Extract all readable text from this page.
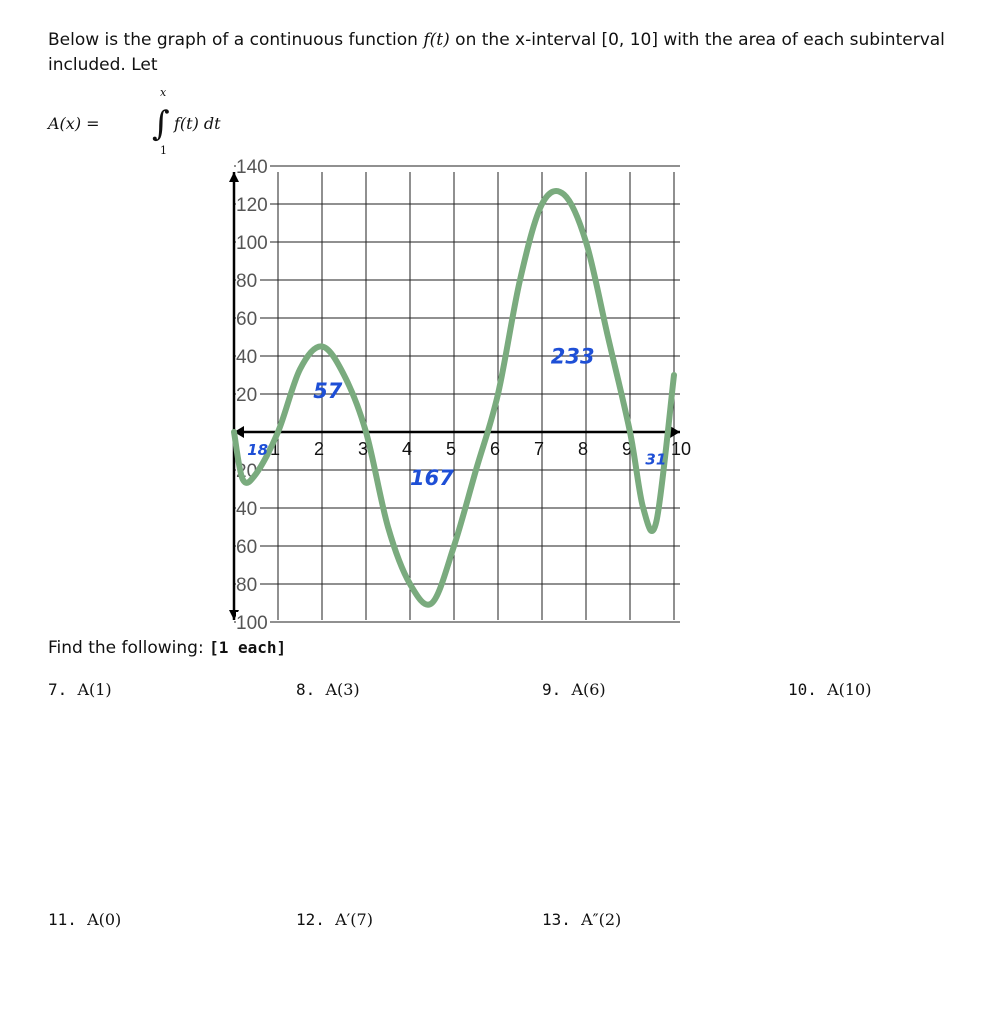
Below is the graph of a continuous function f(t) on the x-interval [0, 10] with the area of each subinterval included. Let
A(x) = ∫
x
1
f(t) dt
140
120
100
80
60
40
20
20
40
60
80
100
1 2 3 4 5 6 7 8 9 10
18
57
167
233
31
Find the following: [1 each]
7. A(1)	8. A(3)	9. A(6)	10. A(10)
11. A(0)	12. A′(7)	13. A″(2)
